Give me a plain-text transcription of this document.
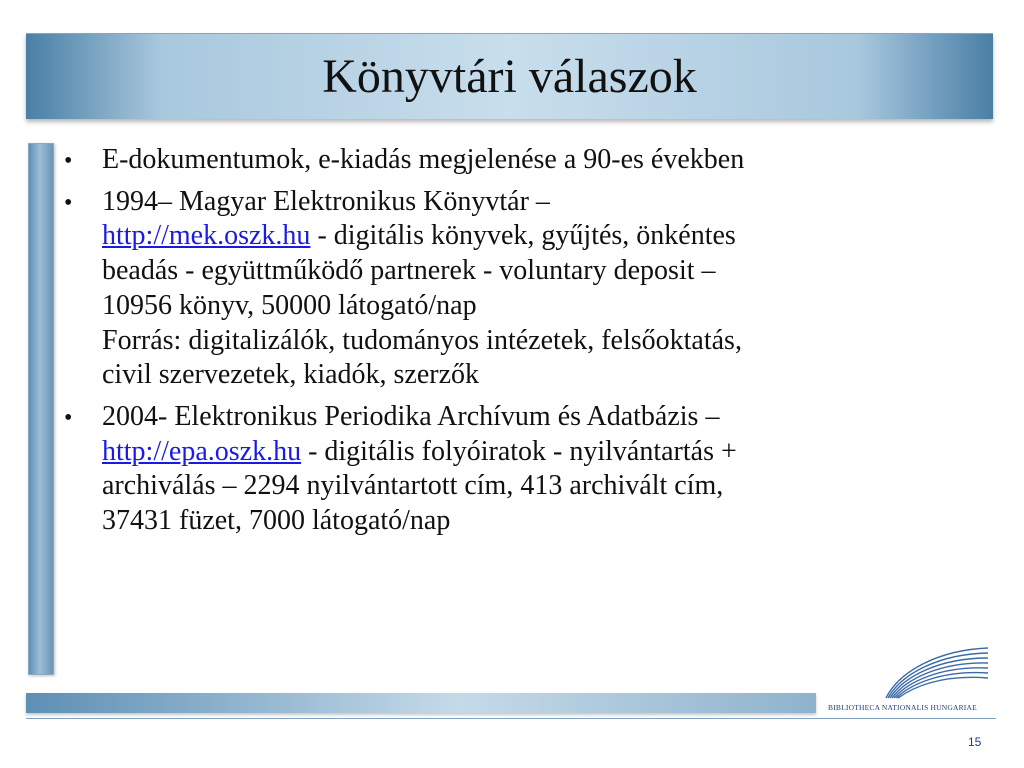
Könyvtári válaszok
• E-dokumentumok, e-kiadás megjelenése a 90-es években
• 1994– Magyar Elektronikus Könyvtár –
http://mek.oszk.hu - digitális könyvek, gyűjtés, önkéntes
beadás - együttműködő partnerek - voluntary deposit –
10956 könyv, 50000 látogató/nap
Forrás: digitalizálók, tudományos intézetek, felsőoktatás,
civil szervezetek, kiadók, szerzők
• 2004- Elektronikus Periodika Archívum és Adatbázis –
http://epa.oszk.hu - digitális folyóiratok - nyilvántartás +
archiválás – 2294 nyilvántartott cím, 413 archivált cím,
37431 füzet, 7000 látogató/nap
BIBLIOTHECA NATIONALIS HUNGARIAE
15
